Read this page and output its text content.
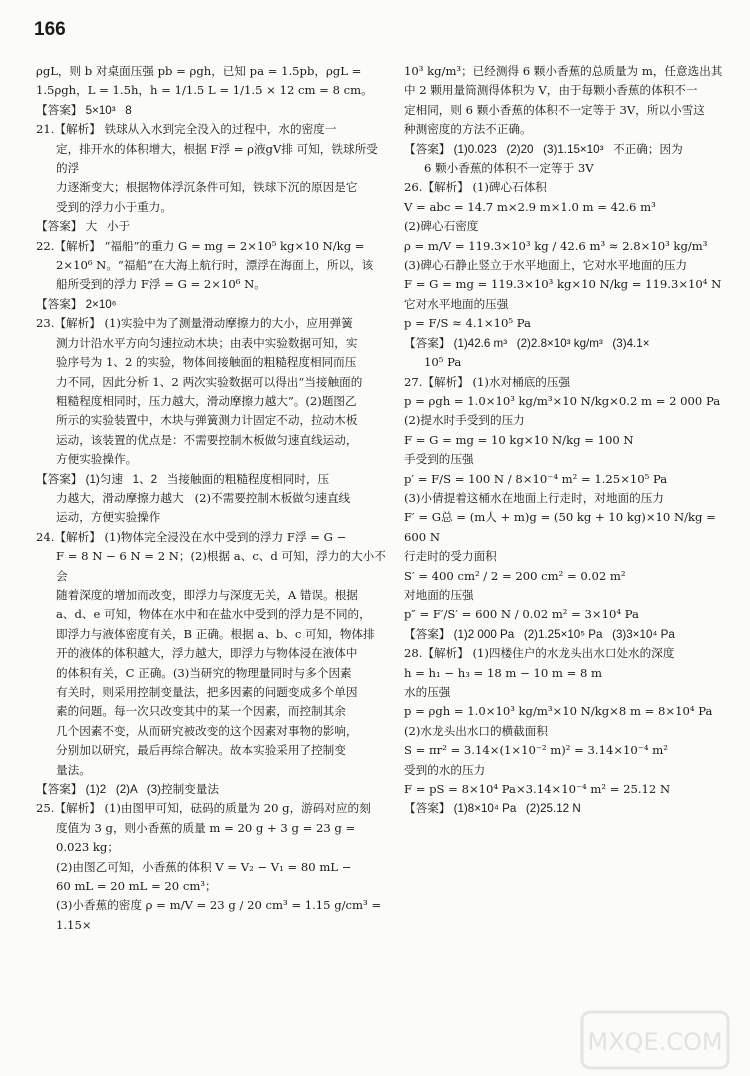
166
ρgL，则 b 对桌面压强 pb = ρgh，已知 pa = 1.5pb，ρgL =
1.5ρgh，L = 1.5h，h = 1/1.5 L = 1/1.5 × 12 cm = 8 cm。
【答案】 5×10³   8
21.【解析】 铁球从入水到完全没入的过程中，水的密度一
定，排开水的体积增大，根据 F浮 = ρ液gV排 可知，铁球所受的浮
力逐渐变大；根据物体浮沉条件可知，铁球下沉的原因是它
受到的浮力小于重力。
【答案】 大   小于
22.【解析】 “福船”的重力 G = mg = 2×10⁵ kg×10 N/kg =
2×10⁶ N。“福船”在大海上航行时，漂浮在海面上，所以，该
船所受到的浮力 F浮 = G = 2×10⁶ N。
【答案】 2×10⁶
23.【解析】 (1)实验中为了测量滑动摩擦力的大小，应用弹簧
测力计沿水平方向匀速拉动木块；由表中实验数据可知，实
验序号为 1、2 的实验，物体间接触面的粗糙程度相同而压
力不同，因此分析 1、2 两次实验数据可以得出“当接触面的
粗糙程度相同时，压力越大，滑动摩擦力越大”。(2)题图乙
所示的实验装置中，木块与弹簧测力计固定不动，拉动木板
运动，该装置的优点是：不需要控制木板做匀速直线运动，
方便实验操作。
【答案】 (1)匀速   1、2   当接触面的粗糙程度相同时，压
力越大，滑动摩擦力越大   (2)不需要控制木板做匀速直线
运动，方便实验操作
24.【解析】 (1)物体完全浸没在水中受到的浮力 F浮 = G −
F = 8 N − 6 N = 2 N；(2)根据 a、c、d 可知，浮力的大小不会
随着深度的增加而改变，即浮力与深度无关，A 错误。根据
a、d、e 可知，物体在水中和在盐水中受到的浮力是不同的，
即浮力与液体密度有关，B 正确。根据 a、b、c 可知，物体排
开的液体的体积越大，浮力越大，即浮力与物体浸在液体中
的体积有关，C 正确。(3)当研究的物理量同时与多个因素
有关时，则采用控制变量法，把多因素的问题变成多个单因
素的问题。每一次只改变其中的某一个因素，而控制其余
几个因素不变，从而研究被改变的这个因素对事物的影响，
分别加以研究，最后再综合解决。故本实验采用了控制变
量法。
【答案】 (1)2   (2)A   (3)控制变量法
25.【解析】 (1)由图甲可知，砝码的质量为 20 g，游码对应的刻
度值为 3 g，则小香蕉的质量 m = 20 g + 3 g = 23 g = 0.023 kg；
(2)由图乙可知，小香蕉的体积 V = V₂ − V₁ = 80 mL −
60 mL = 20 mL = 20 cm³；
(3)小香蕉的密度 ρ = m/V = 23 g / 20 cm³ = 1.15 g/cm³ = 1.15×
10³ kg/m³；已经测得 6 颗小香蕉的总质量为 m，任意选出其
中 2 颗用量筒测得体积为 V，由于每颗小香蕉的体积不一
定相同，则 6 颗小香蕉的体积不一定等于 3V，所以小雪这
种测密度的方法不正确。
【答案】 (1)0.023   (2)20   (3)1.15×10³   不正确；因为
6 颗小香蕉的体积不一定等于 3V
26.【解析】 (1)碑心石体积
V = abc = 14.7 m×2.9 m×1.0 m = 42.6 m³
(2)碑心石密度
ρ = m/V = 119.3×10³ kg / 42.6 m³ ≈ 2.8×10³ kg/m³
(3)碑心石静止竖立于水平地面上，它对水平地面的压力
F = G = mg = 119.3×10³ kg×10 N/kg = 119.3×10⁴ N
它对水平地面的压强
p = F/S ≈ 4.1×10⁵ Pa
【答案】 (1)42.6 m³   (2)2.8×10³ kg/m³   (3)4.1×
10⁵ Pa
27.【解析】 (1)水对桶底的压强
p = ρgh = 1.0×10³ kg/m³×10 N/kg×0.2 m = 2 000 Pa
(2)提水时手受到的压力
F = G = mg = 10 kg×10 N/kg = 100 N
手受到的压强
p′ = F/S = 100 N / 8×10⁻⁴ m² = 1.25×10⁵ Pa
(3)小倩提着这桶水在地面上行走时，对地面的压力
F′ = G总 = (m人 + m)g = (50 kg + 10 kg)×10 N/kg = 600 N
行走时的受力面积
S′ = 400 cm² / 2 = 200 cm² = 0.02 m²
对地面的压强
p″ = F′/S′ = 600 N / 0.02 m² = 3×10⁴ Pa
【答案】 (1)2 000 Pa   (2)1.25×10⁵ Pa   (3)3×10⁴ Pa
28.【解析】 (1)四楼住户的水龙头出水口处水的深度
h = h₁ − h₃ = 18 m − 10 m = 8 m
水的压强
p = ρgh = 1.0×10³ kg/m³×10 N/kg×8 m = 8×10⁴ Pa
(2)水龙头出水口的横截面积
S = πr² = 3.14×(1×10⁻² m)² = 3.14×10⁻⁴ m²
受到的水的压力
F = pS = 8×10⁴ Pa×3.14×10⁻⁴ m² = 25.12 N
【答案】 (1)8×10⁴ Pa   (2)25.12 N
MXQE.COM
